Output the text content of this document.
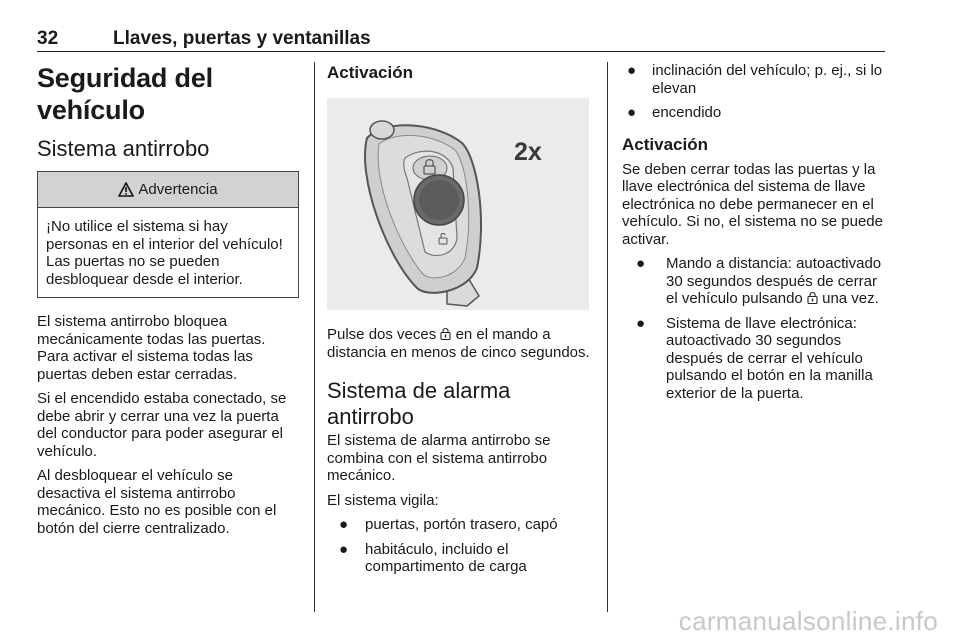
32	Llaves, puertas y ventanillas
Seguridad del vehículo
Sistema antirrobo
Advertencia

¡No utilice el sistema si hay personas en el interior del vehículo! Las puertas no se pueden desbloquear desde el interior.

El sistema antirrobo bloquea mecánicamente todas las puertas. Para activar el sistema todas las puertas deben estar cerradas.

Si el encendido estaba conectado, se debe abrir y cerrar una vez la puerta del conductor para poder asegurar el vehículo.

Al desbloquear el vehículo se desactiva el sistema antirrobo mecánico. Esto no es posible con el botón del cierre centralizado.

Activación
2x

Pulse dos veces en el mando a distancia en menos de cinco segundos.

Sistema de alarma antirrobo

El sistema de alarma antirrobo se combina con el sistema antirrobo mecánico.

El sistema vigila:

● puertas, portón trasero, capó
● habitáculo, incluido el compartimento de carga
● inclinación del vehículo; p. ej., si lo elevan
● encendido
Activación

Se deben cerrar todas las puertas y la llave electrónica del sistema de llave electrónica no debe permanecer en el vehículo. Si no, el sistema no se puede activar.

● Mando a distancia: autoactivado 30 segundos después de cerrar el vehículo pulsando una vez.
● Sistema de llave electrónica: autoactivado 30 segundos después de cerrar el vehículo pulsando el botón en la manilla exterior de la puerta.
carmanualsonline.info
